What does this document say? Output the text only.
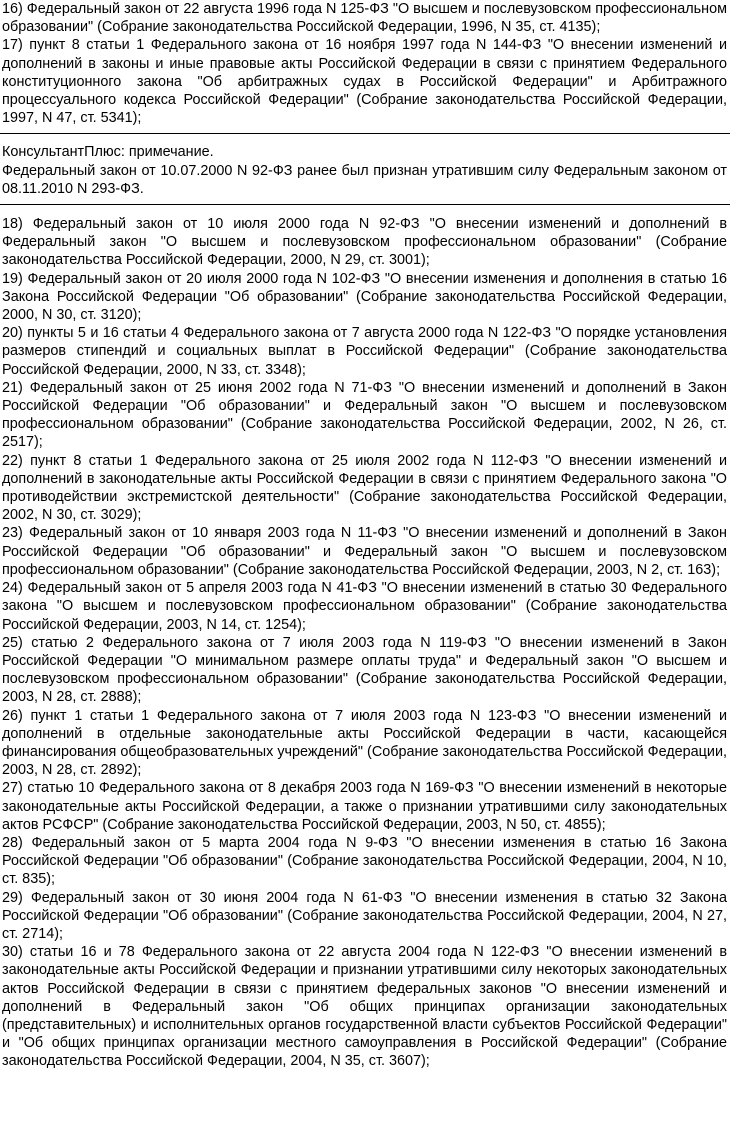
16) Федеральный закон от 22 августа 1996 года N 125-ФЗ "О высшем и послевузовском профессиональном образовании" (Собрание законодательства Российской Федерации, 1996, N 35, ст. 4135);

17) пункт 8 статьи 1 Федерального закона от 16 ноября 1997 года N 144-ФЗ "О внесении изменений и дополнений в законы и иные правовые акты Российской Федерации в связи с принятием Федерального конституционного закона "Об арбитражных судах в Российской Федерации" и Арбитражного процессуального кодекса Российской Федерации" (Собрание законодательства Российской Федерации, 1997, N 47, ст. 5341);

КонсультантПлюс: примечание.

Федеральный закон от 10.07.2000 N 92-ФЗ ранее был признан утратившим силу Федеральным законом от 08.11.2010 N 293-ФЗ.

18) Федеральный закон от 10 июля 2000 года N 92-ФЗ "О внесении изменений и дополнений в Федеральный закон "О высшем и послевузовском профессиональном образовании" (Собрание законодательства Российской Федерации, 2000, N 29, ст. 3001);

19) Федеральный закон от 20 июля 2000 года N 102-ФЗ "О внесении изменения и дополнения в статью 16 Закона Российской Федерации "Об образовании" (Собрание законодательства Российской Федерации, 2000, N 30, ст. 3120);

20) пункты 5 и 16 статьи 4 Федерального закона от 7 августа 2000 года N 122-ФЗ "О порядке установления размеров стипендий и социальных выплат в Российской Федерации" (Собрание законодательства Российской Федерации, 2000, N 33, ст. 3348);

21) Федеральный закон от 25 июня 2002 года N 71-ФЗ "О внесении изменений и дополнений в Закон Российской Федерации "Об образовании" и Федеральный закон "О высшем и послевузовском профессиональном образовании" (Собрание законодательства Российской Федерации, 2002, N 26, ст. 2517);

22) пункт 8 статьи 1 Федерального закона от 25 июля 2002 года N 112-ФЗ "О внесении изменений и дополнений в законодательные акты Российской Федерации в связи с принятием Федерального закона "О противодействии экстремистской деятельности" (Собрание законодательства Российской Федерации, 2002, N 30, ст. 3029);

23) Федеральный закон от 10 января 2003 года N 11-ФЗ "О внесении изменений и дополнений в Закон Российской Федерации "Об образовании" и Федеральный закон "О высшем и послевузовском профессиональном образовании" (Собрание законодательства Российской Федерации, 2003, N 2, ст. 163);

24) Федеральный закон от 5 апреля 2003 года N 41-ФЗ "О внесении изменений в статью 30 Федерального закона "О высшем и послевузовском профессиональном образовании" (Собрание законодательства Российской Федерации, 2003, N 14, ст. 1254);

25) статью 2 Федерального закона от 7 июля 2003 года N 119-ФЗ "О внесении изменений в Закон Российской Федерации "О минимальном размере оплаты труда" и Федеральный закон "О высшем и послевузовском профессиональном образовании" (Собрание законодательства Российской Федерации, 2003, N 28, ст. 2888);

26) пункт 1 статьи 1 Федерального закона от 7 июля 2003 года N 123-ФЗ "О внесении изменений и дополнений в отдельные законодательные акты Российской Федерации в части, касающейся финансирования общеобразовательных учреждений" (Собрание законодательства Российской Федерации, 2003, N 28, ст. 2892);

27) статью 10 Федерального закона от 8 декабря 2003 года N 169-ФЗ "О внесении изменений в некоторые законодательные акты Российской Федерации, а также о признании утратившими силу законодательных актов РСФСР" (Собрание законодательства Российской Федерации, 2003, N 50, ст. 4855);

28) Федеральный закон от 5 марта 2004 года N 9-ФЗ "О внесении изменения в статью 16 Закона Российской Федерации "Об образовании" (Собрание законодательства Российской Федерации, 2004, N 10, ст. 835);

29) Федеральный закон от 30 июня 2004 года N 61-ФЗ "О внесении изменения в статью 32 Закона Российской Федерации "Об образовании" (Собрание законодательства Российской Федерации, 2004, N 27, ст. 2714);

30) статьи 16 и 78 Федерального закона от 22 августа 2004 года N 122-ФЗ "О внесении изменений в законодательные акты Российской Федерации и признании утратившими силу некоторых законодательных актов Российской Федерации в связи с принятием федеральных законов "О внесении изменений и дополнений в Федеральный закон "Об общих принципах организации законодательных (представительных) и исполнительных органов государственной власти субъектов Российской Федерации" и "Об общих принципах организации местного самоуправления в Российской Федерации" (Собрание законодательства Российской Федерации, 2004, N 35, ст. 3607);
